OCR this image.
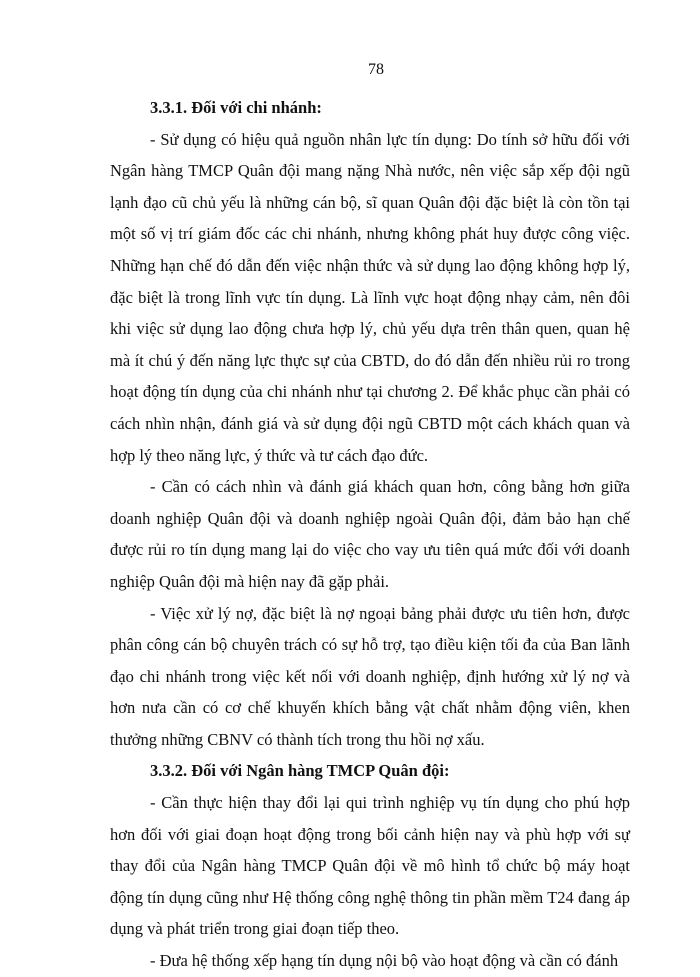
78

3.3.1. Đối với chi nhánh:

- Sử dụng có hiệu quả nguồn nhân lực tín dụng: Do tính sở hữu đối với Ngân hàng TMCP Quân đội mang nặng Nhà nước, nên việc sắp xếp đội ngũ lạnh đạo cũ chủ yếu là những cán bộ, sĩ quan Quân đội đặc biệt là còn tồn tại một số vị trí giám đốc các chi nhánh, nhưng không phát huy được công việc. Những hạn chế đó dẫn đến việc nhận thức và sử dụng lao động không hợp lý, đặc biệt là trong lĩnh vực tín dụng. Là lĩnh vực hoạt động nhạy cảm, nên đôi khi việc sử dụng lao động chưa hợp lý, chủ yếu dựa trên thân quen, quan hệ mà ít chú ý đến năng lực thực sự của CBTD, do đó dẫn đến nhiều rủi ro trong hoạt động tín dụng của chi nhánh như tại chương 2. Để khắc phục cần phải có cách nhìn nhận, đánh giá và sử dụng đội ngũ CBTD một cách khách quan và hợp lý theo năng lực, ý thức và tư cách đạo đức.

- Cần có cách nhìn và đánh giá khách quan hơn, công bằng hơn giữa doanh nghiệp Quân đội và doanh nghiệp ngoài Quân đội, đảm bảo hạn chế được rủi ro tín dụng mang lại do việc cho vay ưu tiên quá mức đối với doanh nghiệp Quân đội mà hiện nay đã gặp phải.

- Việc xử lý nợ, đặc biệt là nợ ngoại bảng phải được ưu tiên hơn, được phân công cán bộ chuyên trách có sự hỗ trợ, tạo điều kiện tối đa của Ban lãnh đạo chi nhánh trong việc kết nối với doanh nghiệp, định hướng xử lý nợ và hơn nưa cần có cơ chế khuyến khích bằng vật chất nhằm động viên, khen thưởng những CBNV có thành tích trong thu hồi nợ xấu.

3.3.2. Đối với Ngân hàng TMCP Quân đội:

- Cần thực hiện thay đổi lại qui trình nghiệp vụ tín dụng cho phú hợp hơn đối với giai đoạn hoạt động trong bối cảnh hiện nay và phù hợp với sự thay đổi của Ngân hàng TMCP Quân đội về mô hình tổ chức bộ máy hoạt động tín dụng cũng như Hệ thống công nghệ thông tin phần mềm T24 đang áp dụng và phát triển trong giai đoạn tiếp theo.

- Đưa hệ thống xếp hạng tín dụng nội bộ vào hoạt động và cần có đánh
